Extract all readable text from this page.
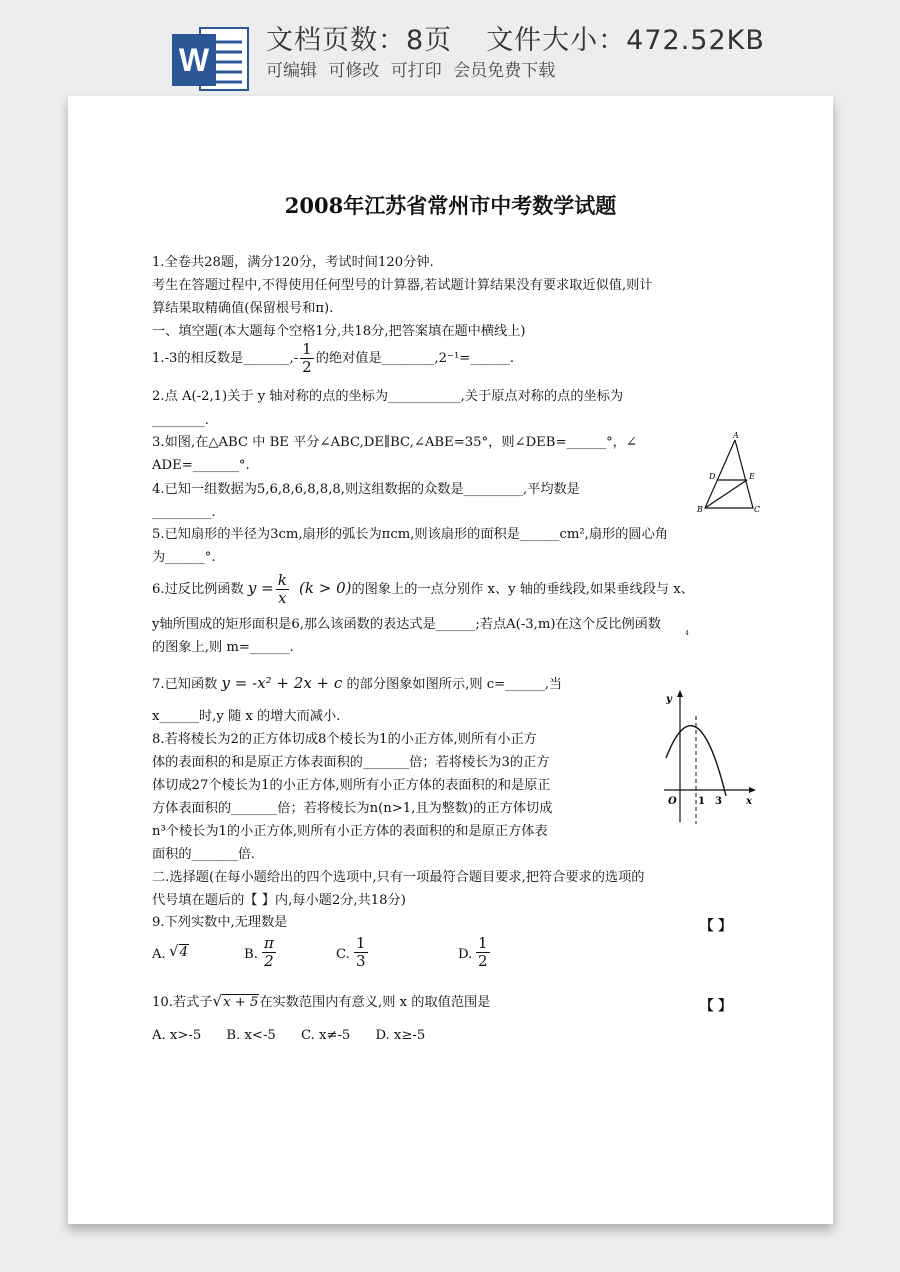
W
文档页数：8页 文件大小：472.52KB
可编辑 可修改 可打印 会员免费下载
2008年江苏省常州市中考数学试题
1.全卷共28题，满分120分，考试时间120分钟.
考生在答题过程中,不得使用任何型号的计算器,若试题计算结果没有要求取近似值,则计
算结果取精确值(保留根号和π).
一、填空题(本大题每个空格1分,共18分,把答案填在题中横线上)
1.-3的相反数是_______,- $\frac{1}{2}$ 的绝对值是________,2⁻¹=______.
2.点 A(-2,1)关于 y 轴对称的点的坐标为___________,关于原点对称的点的坐标为
________.
3.如图,在△ABC 中 BE 平分∠ABC,DE∥BC,∠ABE=35°，则∠DEB=______°，∠
ADE=_______°.
A
B	C
D	E
4.已知一组数据为5,6,8,6,8,8,8,则这组数据的众数是_________,平均数是
_________.
5.已知扇形的半径为3cm,扇形的弧长为πcm,则该扇形的面积是______cm²,扇形的圆心角
为______°.
6.过反比例函数 $y = \frac{k}{x} (k > 0)$的图象上的一点分别作 x、y 轴的垂线段,如果垂线段与 x、
y轴所围成的矩形面积是6,那么该函数的表达式是______;若点A(-3,m)在这个反比例函数
的图象上,则 m=______.
4
7.已知函数 y = -x² + 2x + c 的部分图象如图所示,则 c=______,当
x______时,y 随 x 的增大而减小.
y
x
O 1 3
8.若将棱长为2的正方体切成8个棱长为1的小正方体,则所有小正方
体的表面积的和是原正方体表面积的_______倍；若将棱长为3的正方
体切成27个棱长为1的小正方体,则所有小正方体的表面积的和是原正
方体表面积的_______倍；若将棱长为n(n>1,且为整数)的正方体切成
n³个棱长为1的小正方体,则所有小正方体的表面积的和是原正方体表
面积的_______倍.
二.选择题(在每小题给出的四个选项中,只有一项最符合题目要求,把符合要求的选项的
代号填在题后的【 】内,每小题2分,共18分)
9.下列实数中,无理数是	【 】
A. √4	B. $\frac{\pi}{2}$	C. $\frac{1}{3}$	D. $\frac{1}{2}$
10.若式子√x + 5在实数范围内有意义,则 x 的取值范围是	【 】
A. x>-5      B. x<-5      C. x≠-5      D. x≥-5
